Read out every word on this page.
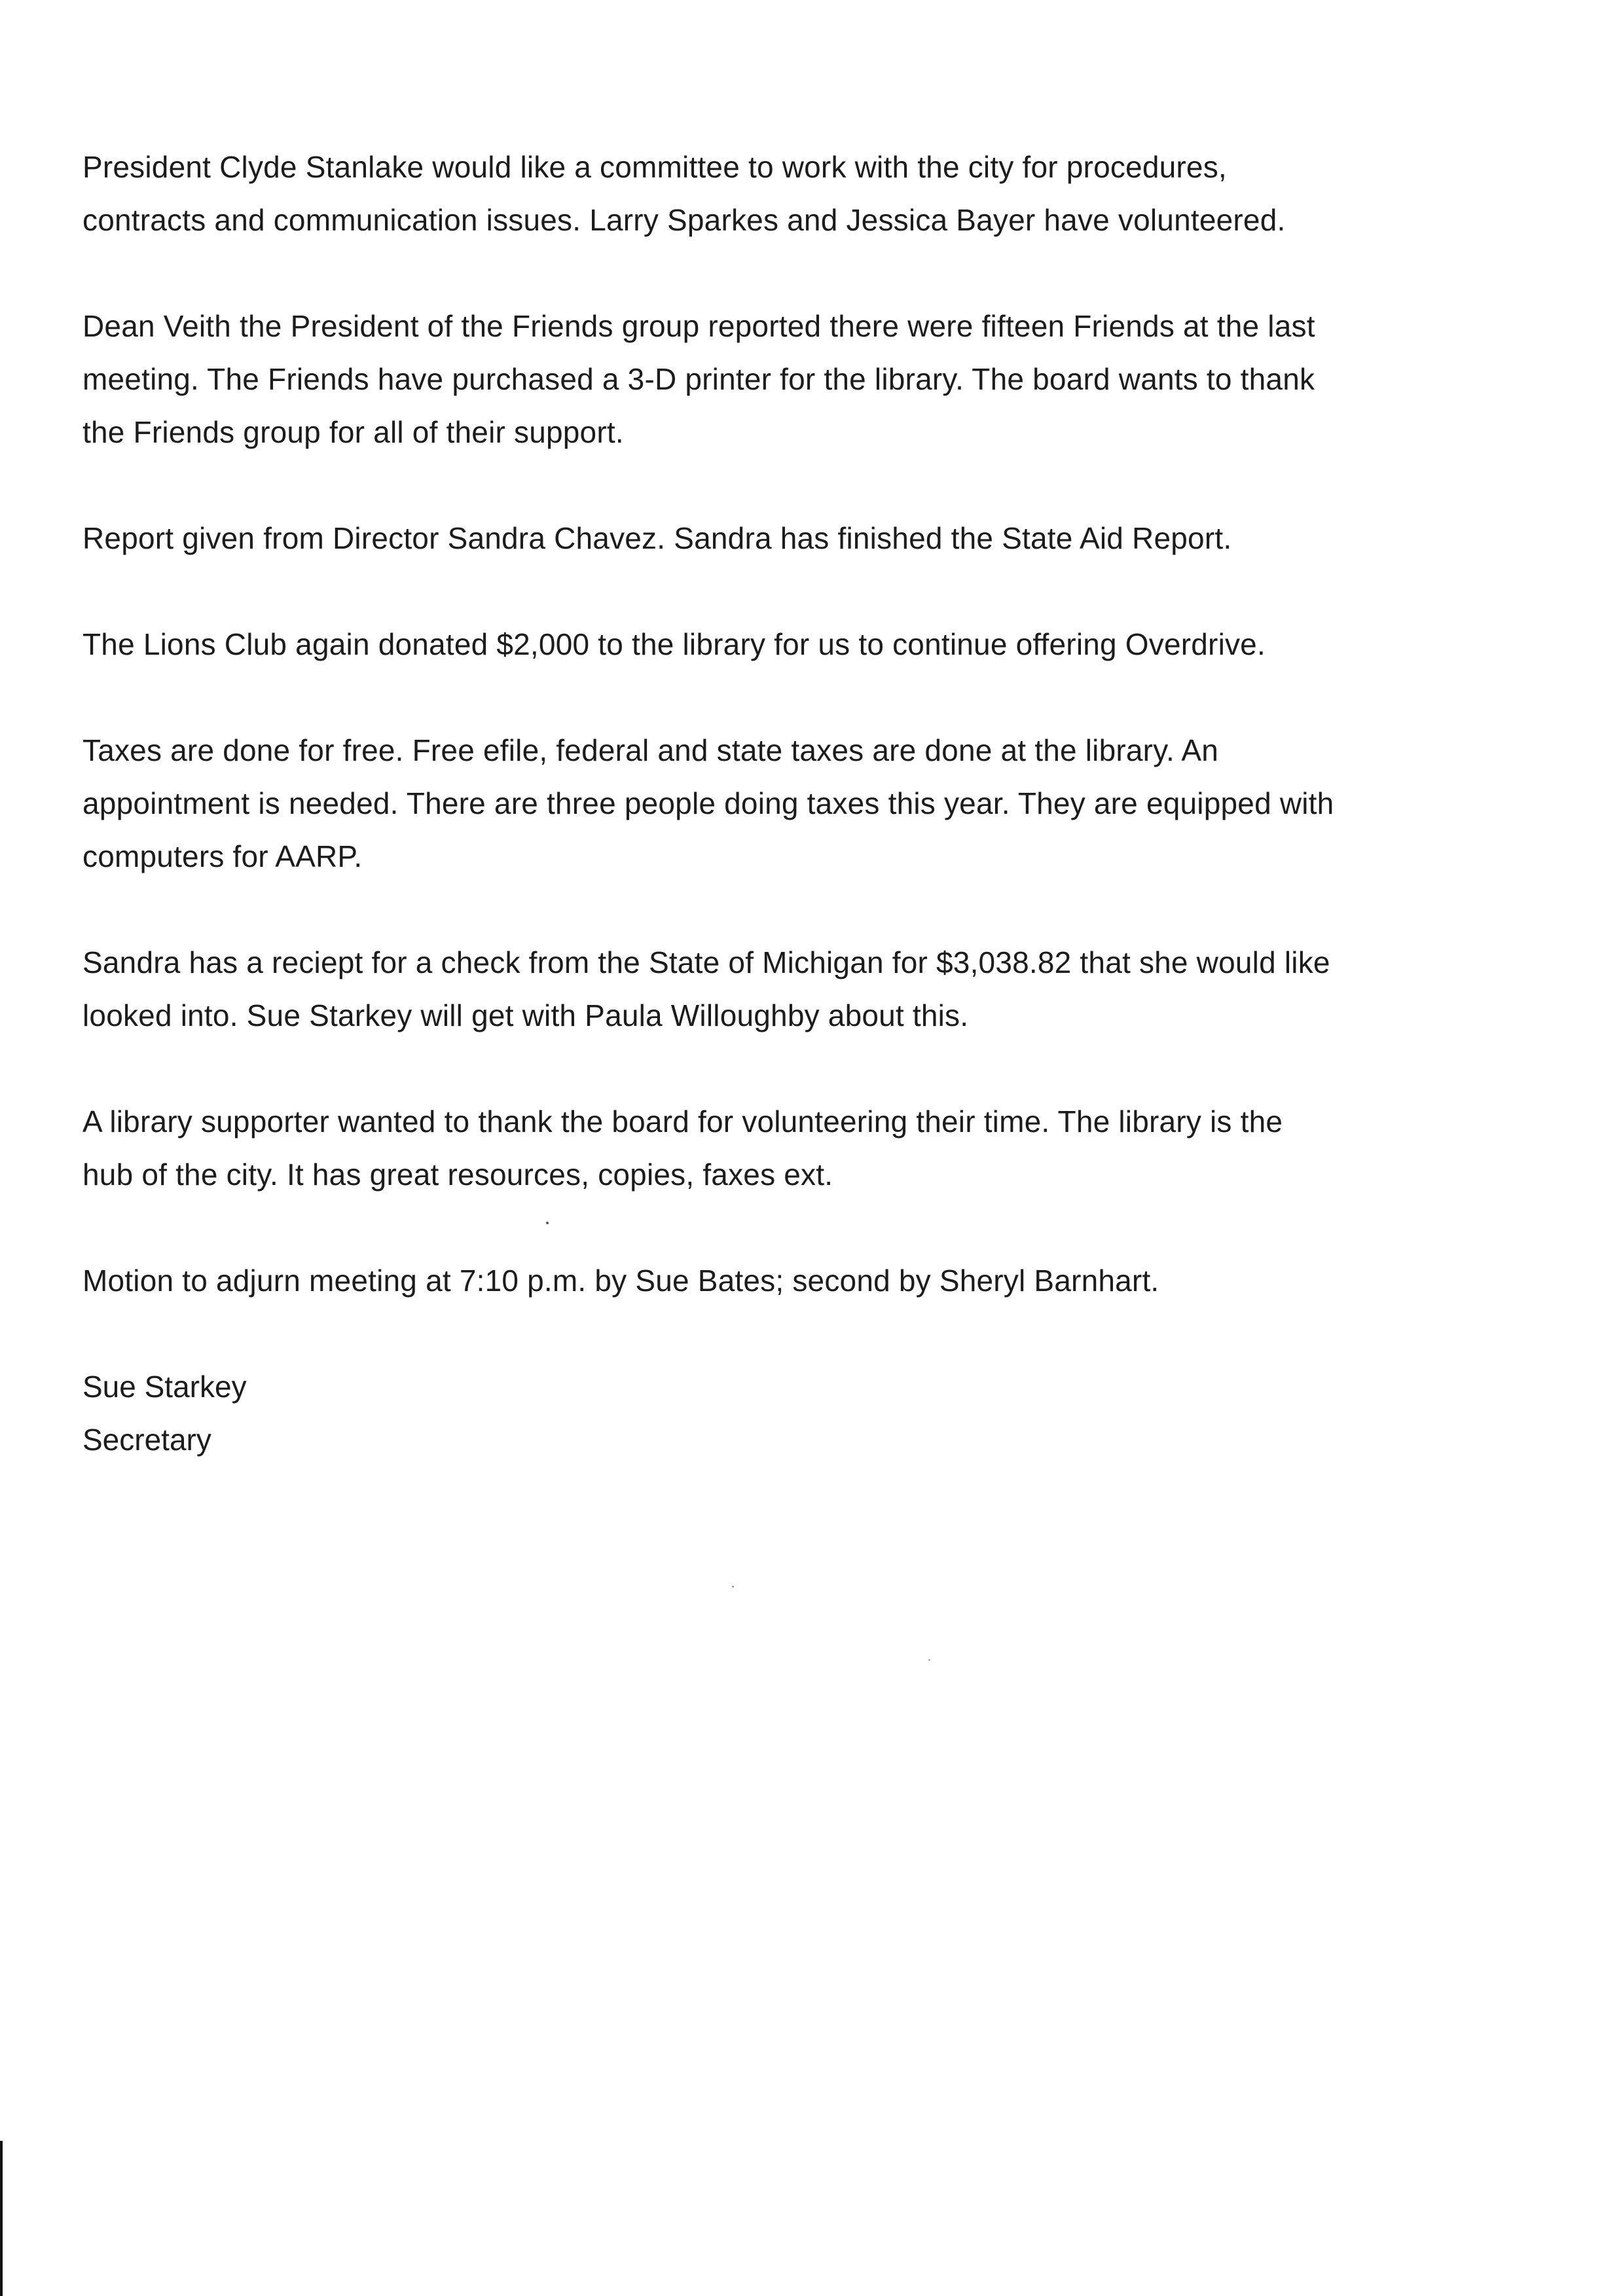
President Clyde Stanlake would like a committee to work with the city for procedures,
contracts and communication issues. Larry Sparkes and Jessica Bayer have volunteered.

Dean Veith the President of the Friends group reported there were fifteen Friends at the last
meeting. The Friends have purchased a 3-D printer for the library. The board wants to thank
the Friends group for all of their support.

Report given from Director Sandra Chavez. Sandra has finished the State Aid Report.

The Lions Club again donated $2,000 to the library for us to continue offering Overdrive.

Taxes are done for free. Free efile, federal and state taxes are done at the library. An
appointment is needed. There are three people doing taxes this year. They are equipped with
computers for AARP.

Sandra has a reciept for a check from the State of Michigan for $3,038.82 that she would like
looked into. Sue Starkey will get with Paula Willoughby about this.

A library supporter wanted to thank the board for volunteering their time. The library is the
hub of the city. It has great resources, copies, faxes ext.

Motion to adjurn meeting at 7:10 p.m. by Sue Bates; second by Sheryl Barnhart.

Sue Starkey
Secretary
